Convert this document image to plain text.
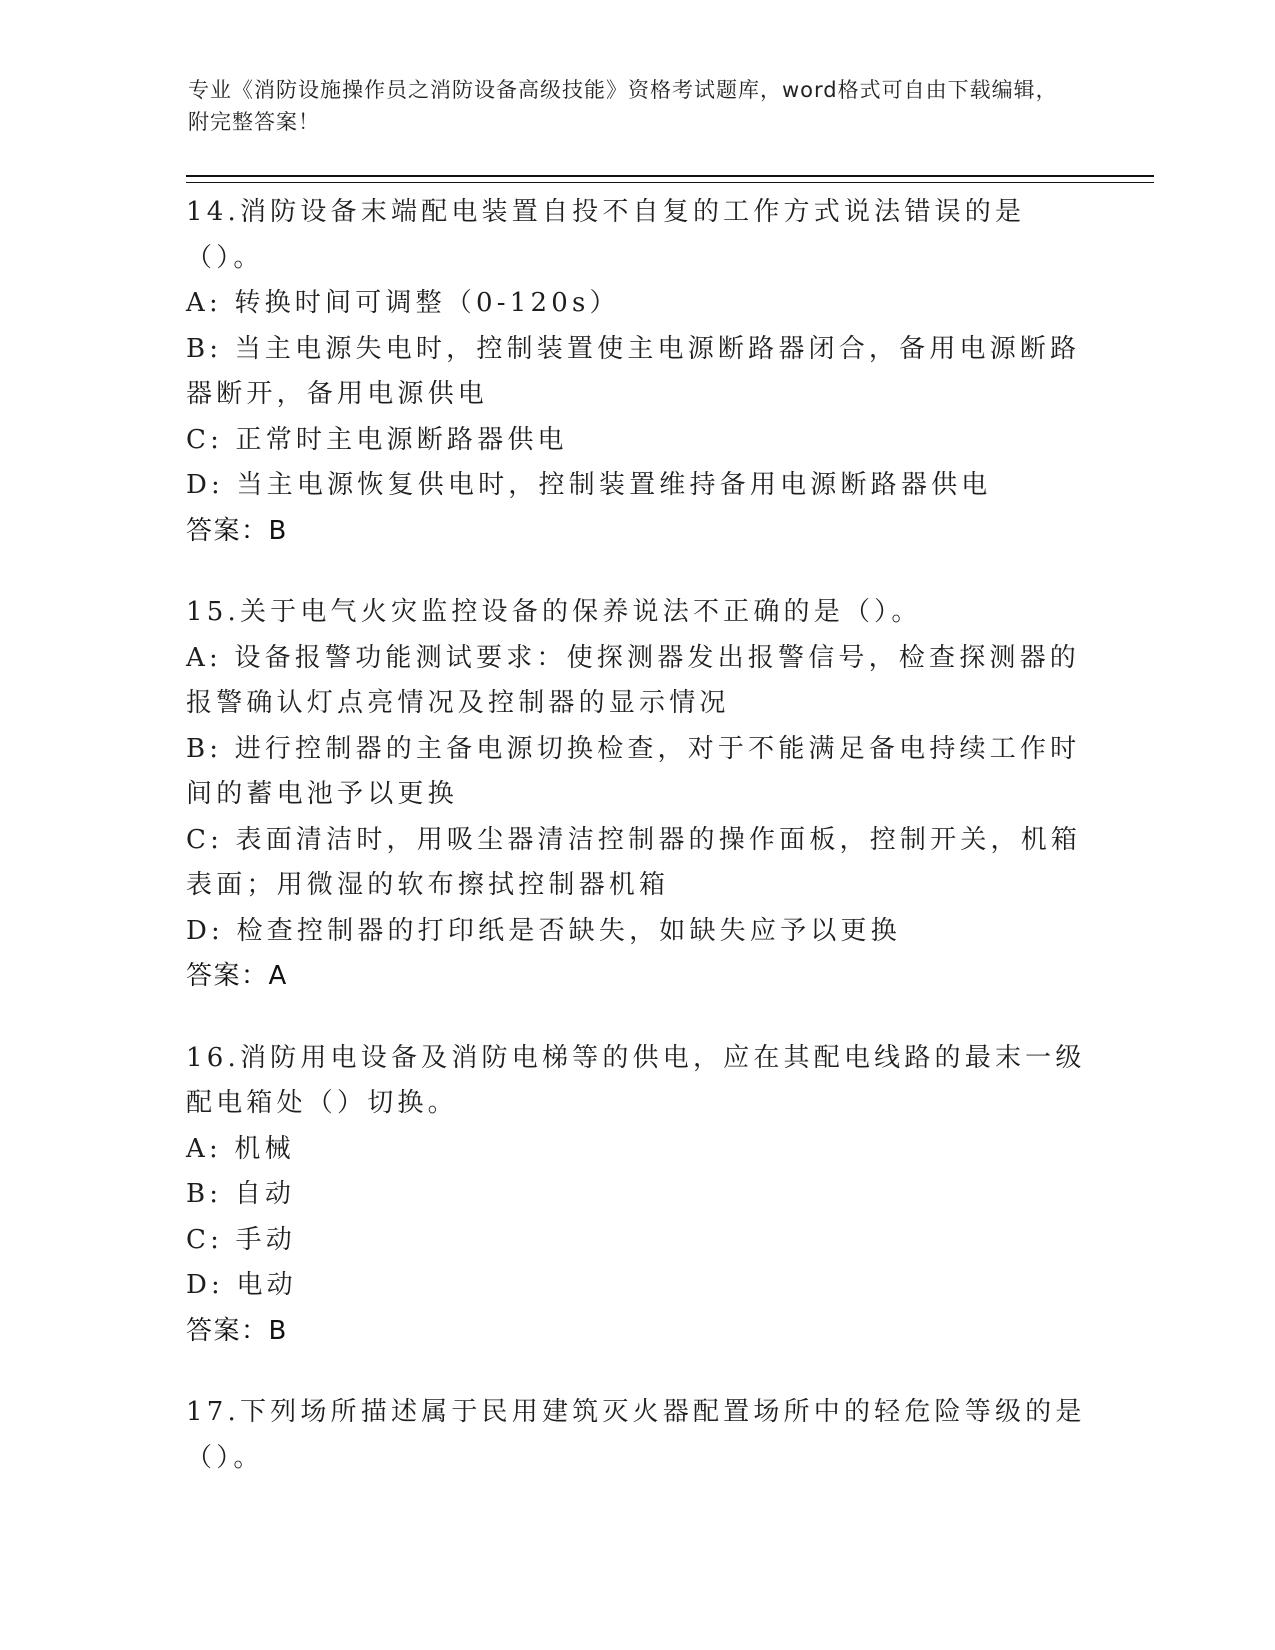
专业《消防设施操作员之消防设备高级技能》资格考试题库，word格式可自由下载编辑，附完整答案！
14.消防设备末端配电装置自投不自复的工作方式说法错误的是（）。
A: 转换时间可调整（0-120s）
B: 当主电源失电时，控制装置使主电源断路器闭合，备用电源断路器断开，备用电源供电
C: 正常时主电源断路器供电
D: 当主电源恢复供电时，控制装置维持备用电源断路器供电
答案：B
15.关于电气火灾监控设备的保养说法不正确的是（）。
A: 设备报警功能测试要求：使探测器发出报警信号，检查探测器的报警确认灯点亮情况及控制器的显示情况
B: 进行控制器的主备电源切换检查，对于不能满足备电持续工作时间的蓄电池予以更换
C: 表面清洁时，用吸尘器清洁控制器的操作面板，控制开关，机箱表面；用微湿的软布擦拭控制器机箱
D: 检查控制器的打印纸是否缺失，如缺失应予以更换
答案：A
16.消防用电设备及消防电梯等的供电，应在其配电线路的最末一级配电箱处（）切换。
A: 机械
B: 自动
C: 手动
D: 电动
答案：B
17.下列场所描述属于民用建筑灭火器配置场所中的轻危险等级的是（）。
